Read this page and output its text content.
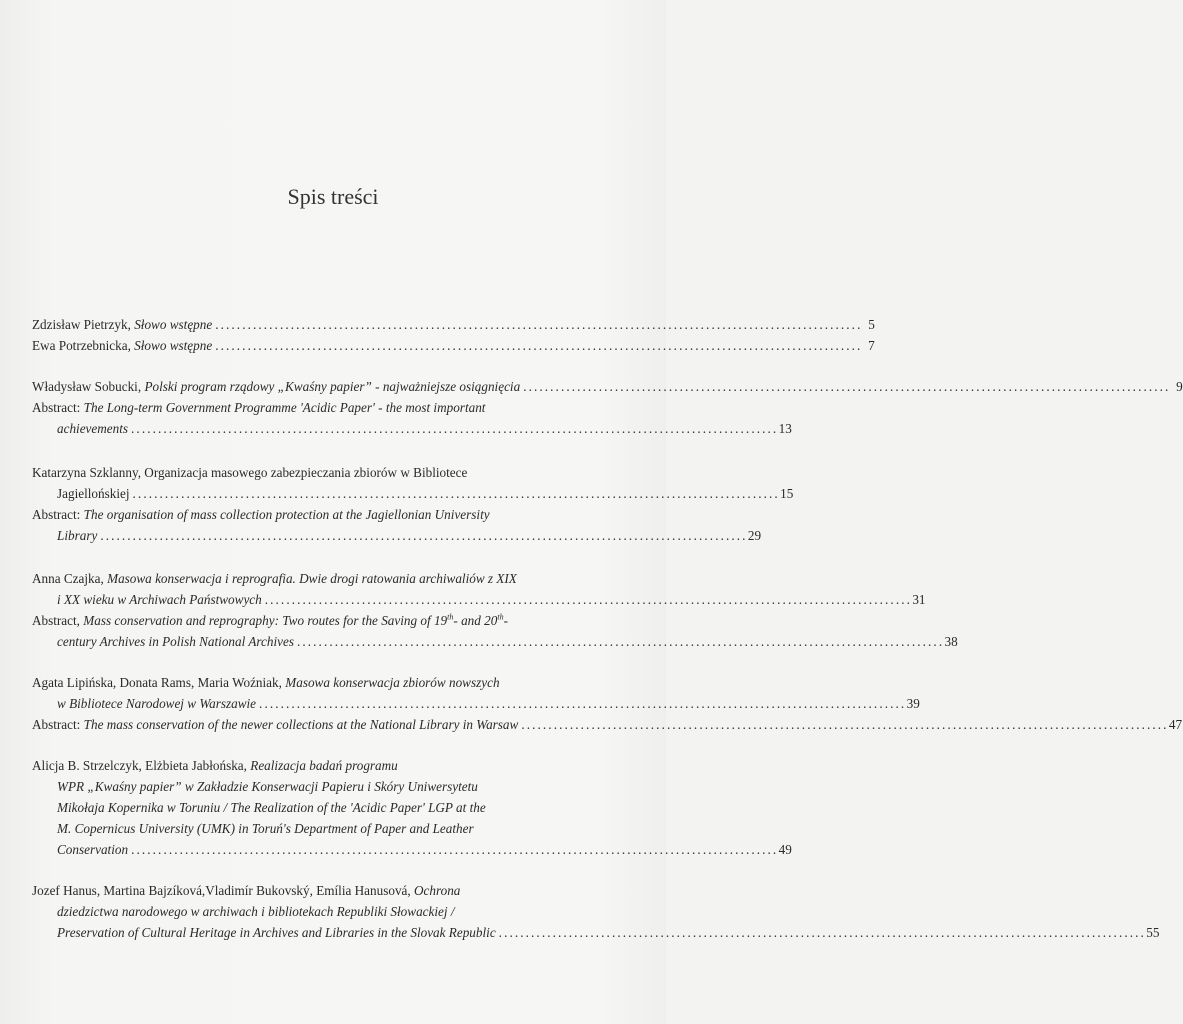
Spis treści
Zdzisław Pietrzyk, Słowo wstępne . . .	5
Ewa Potrzebnicka, Słowo wstępne . . .	7
Władysław Sobucki, Polski program rządowy „Kwaśny papier” - najważniejsze osiągnięcia . . .	9
Abstract: The Long-term Government Programme 'Acidic Paper' - the most important
achievements . . .	13
Katarzyna Szklanny, Organizacja masowego zabezpieczania zbiorów w Bibliotece
Jagiellońskiej . . .	15
Abstract: The organisation of mass collection protection at the Jagiellonian University
Library . . .	29
Anna Czajka, Masowa konserwacja i reprografia. Dwie drogi ratowania archiwaliów z XIX
i XX wieku w Archiwach Państwowych . . .	31
Abstract, Mass conservation and reprography: Two routes for the Saving of 19th- and 20th-
century Archives in Polish National Archives . . .	38
Agata Lipińska, Donata Rams, Maria Woźniak, Masowa konserwacja zbiorów nowszych
w Bibliotece Narodowej w Warszawie . . .	39
Abstract: The mass conservation of the newer collections at the National Library in Warsaw . . .	47
Alicja B. Strzelczyk, Elżbieta Jabłońska, Realizacja badań programu
WPR „Kwaśny papier” w Zakładzie Konserwacji Papieru i Skóry Uniwersytetu
Mikołaja Kopernika w Toruniu / The Realization of the 'Acidic Paper' LGP at the
M. Copernicus University (UMK) in Toruń's Department of Paper and Leather
Conservation . . .	49
Jozef Hanus, Martina Bajzíková,Vladimír Bukovský, Emília Hanusová, Ochrona
dziedzictwa narodowego w archiwach i bibliotekach Republiki Słowackiej /
Preservation of Cultural Heritage in Archives and Libraries in the Slovak Republic . . .	55
